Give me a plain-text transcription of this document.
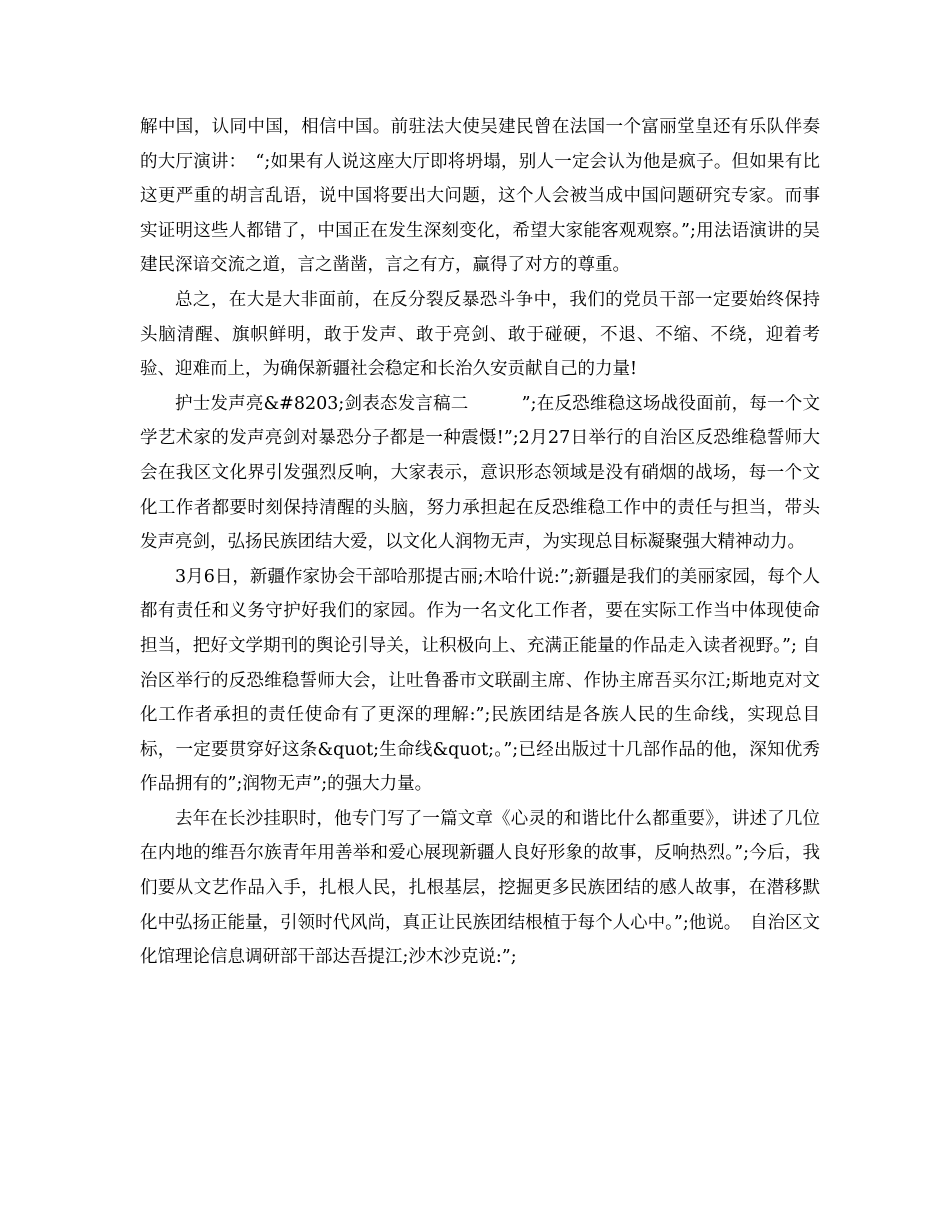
解中国，认同中国，相信中国。前驻法大使吴建民曾在法国一个富丽堂皇还有乐队伴奏的大厅演讲：　“;如果有人说这座大厅即将坍塌，别人一定会认为他是疯子。但如果有比这更严重的胡言乱语，说中国将要出大问题，这个人会被当成中国问题研究专家。而事实证明这些人都错了，中国正在发生深刻变化，希望大家能客观观察。”;用法语演讲的吴建民深谙交流之道，言之凿凿，言之有方，赢得了对方的尊重。

总之，在大是大非面前，在反分裂反暴恐斗争中，我们的党员干部一定要始终保持头脑清醒、旗帜鲜明，敢于发声、敢于亮剑、敢于碰硬，不退、不缩、不绕，迎着考验、迎难而上，为确保新疆社会稳定和长治久安贡献自己的力量!

护士发声亮&#8203;剑表态发言稿二　　　”;在反恐维稳这场战役面前，每一个文学艺术家的发声亮剑对暴恐分子都是一种震慑!”;2月27日举行的自治区反恐维稳誓师大会在我区文化界引发强烈反响，大家表示，意识形态领域是没有硝烟的战场，每一个文化工作者都要时刻保持清醒的头脑，努力承担起在反恐维稳工作中的责任与担当，带头发声亮剑，弘扬民族团结大爱，以文化人润物无声，为实现总目标凝聚强大精神动力。

3月6日，新疆作家协会干部哈那提古丽;木哈什说:”;新疆是我们的美丽家园，每个人都有责任和义务守护好我们的家园。作为一名文化工作者，要在实际工作当中体现使命担当，把好文学期刊的舆论引导关，让积极向上、充满正能量的作品走入读者视野。”; 自治区举行的反恐维稳誓师大会，让吐鲁番市文联副主席、作协主席吾买尔江;斯地克对文化工作者承担的责任使命有了更深的理解:”;民族团结是各族人民的生命线，实现总目标，一定要贯穿好这条&quot;生命线&quot;。”;已经出版过十几部作品的他，深知优秀作品拥有的”;润物无声”;的强大力量。

去年在长沙挂职时，他专门写了一篇文章《心灵的和谐比什么都重要》，讲述了几位在内地的维吾尔族青年用善举和爱心展现新疆人良好形象的故事，反响热烈。”;今后，我们要从文艺作品入手，扎根人民，扎根基层，挖掘更多民族团结的感人故事，在潜移默化中弘扬正能量，引领时代风尚，真正让民族团结根植于每个人心中。”;他说。　自治区文化馆理论信息调研部干部达吾提江;沙木沙克说:”;
